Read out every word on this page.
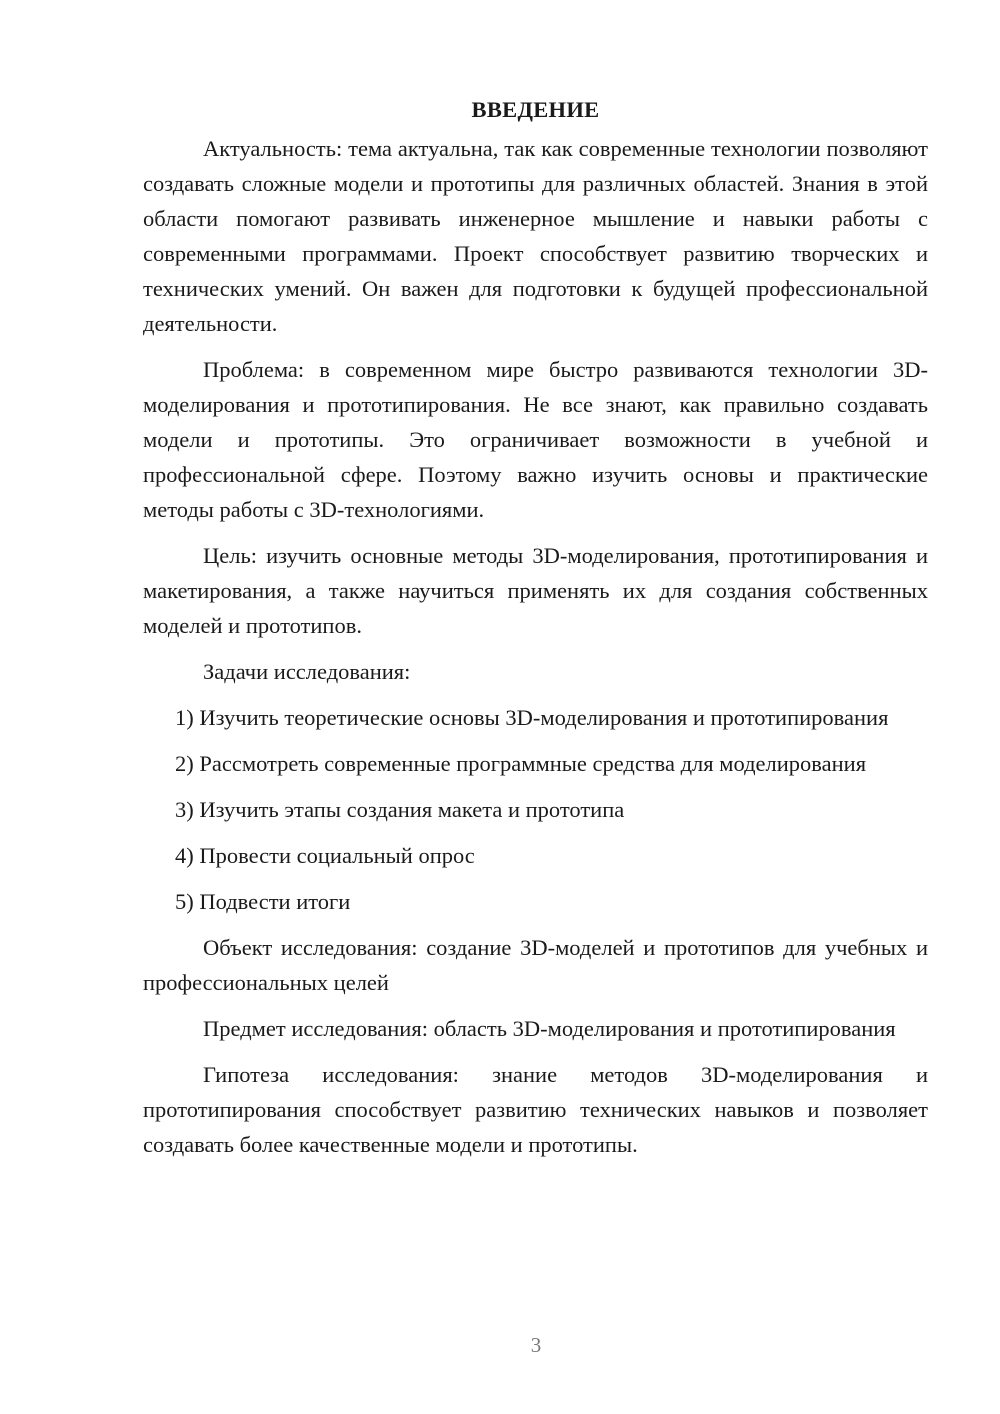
ВВЕДЕНИЕ

Актуальность: тема актуальна, так как современные технологии позволяют создавать сложные модели и прототипы для различных областей. Знания в этой области помогают развивать инженерное мышление и навыки работы с современными программами. Проект способствует развитию творческих и технических умений. Он важен для подготовки к будущей профессиональной деятельности.

Проблема: в современном мире быстро развиваются технологии 3D-моделирования и прототипирования. Не все знают, как правильно создавать модели и прототипы. Это ограничивает возможности в учебной и профессиональной сфере. Поэтому важно изучить основы и практические методы работы с 3D-технологиями.

Цель: изучить основные методы 3D-моделирования, прототипирования и макетирования, а также научиться применять их для создания собственных моделей и прототипов.

Задачи исследования:

1) Изучить теоретические основы 3D-моделирования и прототипирования

2) Рассмотреть современные программные средства для моделирования

3) Изучить этапы создания макета и прототипа

4) Провести социальный опрос

5) Подвести итоги

Объект исследования: создание 3D-моделей и прототипов для учебных и профессиональных целей

Предмет исследования: область 3D-моделирования и прототипирования

Гипотеза исследования: знание методов 3D-моделирования и прототипирования способствует развитию технических навыков и позволяет создавать более качественные модели и прототипы.

3
